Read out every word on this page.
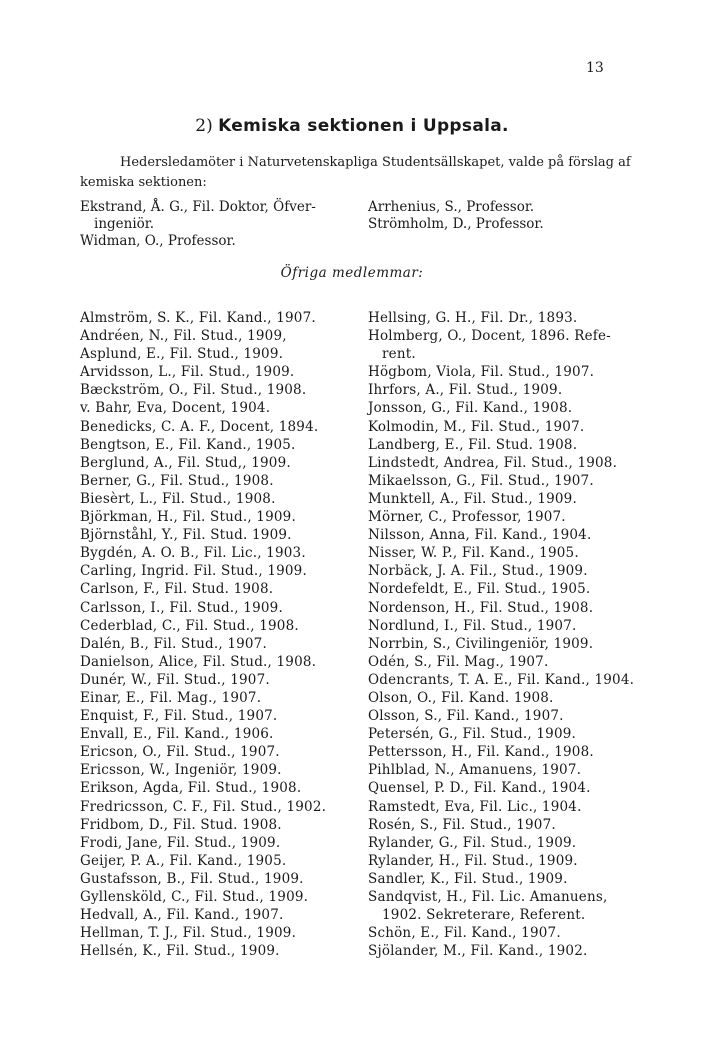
13
2) Kemiska sektionen i Uppsala.
Hedersledamöter i Naturvetenskapliga Studentsällskapet, valde på förslag af kemiska sektionen:
Ekstrand, Å. G., Fil. Doktor, Öfver-
ingeniör.
Widman, O., Professor.
Arrhenius, S., Professor.
Strömholm, D., Professor.
Öfriga medlemmar:
Almström, S. K., Fil. Kand., 1907.
Andréen, N., Fil. Stud., 1909,
Asplund, E., Fil. Stud., 1909.
Arvidsson, L., Fil. Stud., 1909.
Bæckström, O., Fil. Stud., 1908.
v. Bahr, Eva, Docent, 1904.
Benedicks, C. A. F., Docent, 1894.
Bengtson, E., Fil. Kand., 1905.
Berglund, A., Fil. Stud,, 1909.
Berner, G., Fil. Stud., 1908.
Biesèrt, L., Fil. Stud., 1908.
Björkman, H., Fil. Stud., 1909.
Björnståhl, Y., Fil. Stud. 1909.
Bygdén, A. O. B., Fil. Lic., 1903.
Carling, Ingrid. Fil. Stud., 1909.
Carlson, F., Fil. Stud. 1908.
Carlsson, I., Fil. Stud., 1909.
Cederblad, C., Fil. Stud., 1908.
Dalén, B., Fil. Stud., 1907.
Danielson, Alice, Fil. Stud., 1908.
Dunér, W., Fil. Stud., 1907.
Einar, E., Fil. Mag., 1907.
Enquist, F., Fil. Stud., 1907.
Envall, E., Fil. Kand., 1906.
Ericson, O., Fil. Stud., 1907.
Ericsson, W., Ingeniör, 1909.
Erikson, Agda, Fil. Stud., 1908.
Fredricsson, C. F., Fil. Stud., 1902.
Fridbom, D., Fil. Stud. 1908.
Frodi, Jane, Fil. Stud., 1909.
Geijer, P. A., Fil. Kand., 1905.
Gustafsson, B., Fil. Stud., 1909.
Gyllensköld, C., Fil. Stud., 1909.
Hedvall, A., Fil. Kand., 1907.
Hellman, T. J., Fil. Stud., 1909.
Hellsén, K., Fil. Stud., 1909.
Hellsing, G. H., Fil. Dr., 1893.
Holmberg, O., Docent, 1896. Refe-
rent.
Högbom, Viola, Fil. Stud., 1907.
Ihrfors, A., Fil. Stud., 1909.
Jonsson, G., Fil. Kand., 1908.
Kolmodin, M., Fil. Stud., 1907.
Landberg, E., Fil. Stud. 1908.
Lindstedt, Andrea, Fil. Stud., 1908.
Mikaelsson, G., Fil. Stud., 1907.
Munktell, A., Fil. Stud., 1909.
Mörner, C., Professor, 1907.
Nilsson, Anna, Fil. Kand., 1904.
Nisser, W. P., Fil. Kand., 1905.
Norbäck, J. A. Fil., Stud., 1909.
Nordefeldt, E., Fil. Stud., 1905.
Nordenson, H., Fil. Stud., 1908.
Nordlund, I., Fil. Stud., 1907.
Norrbin, S., Civilingeniör, 1909.
Odén, S., Fil. Mag., 1907.
Odencrants, T. A. E., Fil. Kand., 1904.
Olson, O., Fil. Kand. 1908.
Olsson, S., Fil. Kand., 1907.
Petersén, G., Fil. Stud., 1909.
Pettersson, H., Fil. Kand., 1908.
Pihlblad, N., Amanuens, 1907.
Quensel, P. D., Fil. Kand., 1904.
Ramstedt, Eva, Fil. Lic., 1904.
Rosén, S., Fil. Stud., 1907.
Rylander, G., Fil. Stud., 1909.
Rylander, H., Fil. Stud., 1909.
Sandler, K., Fil. Stud., 1909.
Sandqvist, H., Fil. Lic. Amanuens,
1902. Sekreterare, Referent.
Schön, E., Fil. Kand., 1907.
Sjölander, M., Fil. Kand., 1902.
